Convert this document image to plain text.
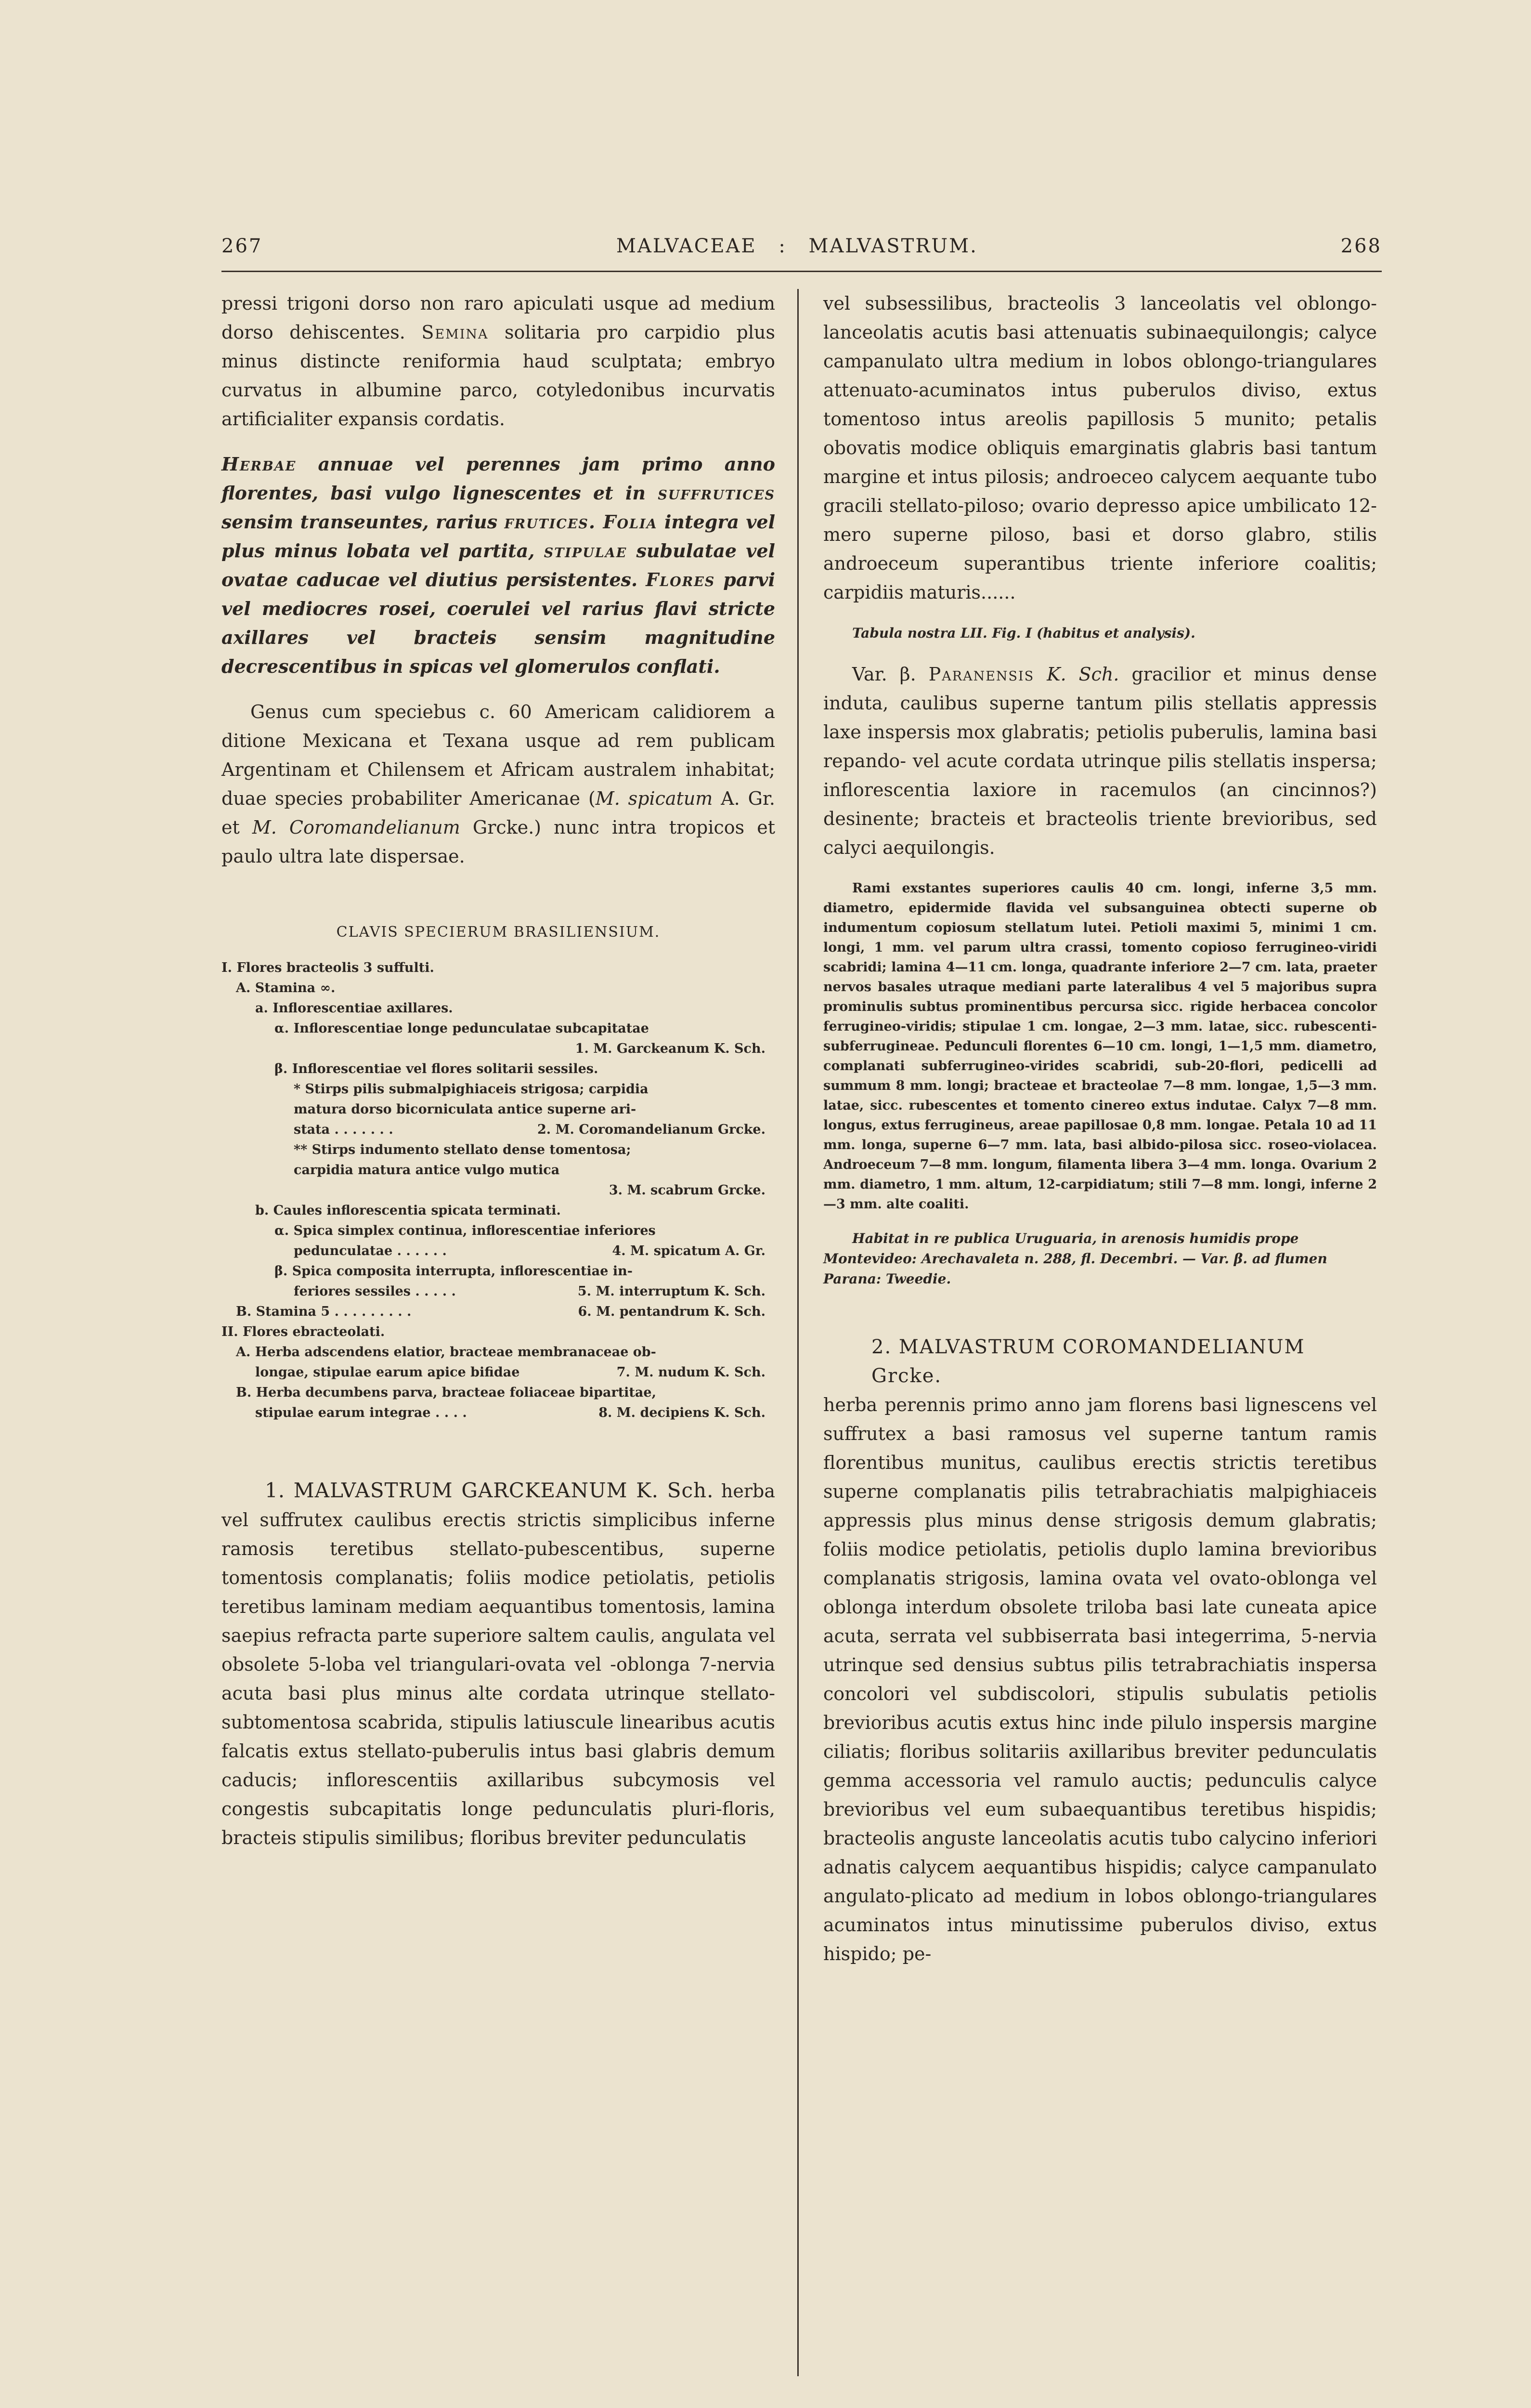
267	MALVACEAE : MALVASTRUM.	268

pressi trigoni dorso non raro apiculati usque ad medium dorso dehiscentes. Semina solitaria pro carpidio plus minus distincte reniformia haud sculptata; embryo curvatus in albumine parco, cotyledonibus incurvatis artificialiter expansis cordatis.

Herbae annuae vel perennes jam primo anno florentes, basi vulgo lignescentes et in suffrutices sensim transeuntes, rarius frutices. Folia integra vel plus minus lobata vel partita, stipulae subulatae vel ovatae caducae vel diutius persistentes. Flores parvi vel mediocres rosei, coerulei vel rarius flavi stricte axillares vel bracteis sensim magnitudine decrescentibus in spicas vel glomerulos conflati.

Genus cum speciebus c. 60 Americam calidiorem a ditione Mexicana et Texana usque ad rem publicam Argentinam et Chilensem et Africam australem inhabitat; duae species probabiliter Americanae (M. spicatum A. Gr. et M. Coromandelianum Grcke.) nunc intra tropicos et paulo ultra late dispersae.

CLAVIS SPECIERUM BRASILIENSIUM.
I. Flores bracteolis 3 suffulti.
A. Stamina ∞.
a. Inflorescentiae axillares.
α. Inflorescentiae longe pedunculatae subcapitatae
1. M. Garckeanum K. Sch.
β. Inflorescentiae vel flores solitarii sessiles.
* Stirps pilis submalpighiaceis strigosa; carpidia
matura dorso bicorniculata antice superne ari-
stata . . . . . . .	2. M. Coromandelianum Grcke.
** Stirps indumento stellato dense tomentosa;
carpidia matura antice vulgo mutica
3. M. scabrum Grcke.
b. Caules inflorescentia spicata terminati.
α. Spica simplex continua, inflorescentiae inferiores
pedunculatae . . . . . .	4. M. spicatum A. Gr.
β. Spica composita interrupta, inflorescentiae in-
feriores sessiles . . . . .	5. M. interruptum K. Sch.
B. Stamina 5 . . . . . . . . .	6. M. pentandrum K. Sch.
II. Flores ebracteolati.
A. Herba adscendens elatior, bracteae membranaceae ob-
longae, stipulae earum apice bifidae	7. M. nudum K. Sch.
B. Herba decumbens parva, bracteae foliaceae bipartitae,
stipulae earum integrae . . . .	8. M. decipiens K. Sch.

1. MALVASTRUM GARCKEANUM K. Sch. herba vel suffrutex caulibus erectis strictis simplicibus inferne ramosis teretibus stellato-pubescentibus, superne tomentosis complanatis; foliis modice petiolatis, petiolis teretibus laminam mediam aequantibus tomentosis, lamina saepius refracta parte superiore saltem caulis, angulata vel obsolete 5-loba vel triangulari-ovata vel -oblonga 7-nervia acuta basi plus minus alte cordata utrinque stellato-subtomentosa scabrida, stipulis latiuscule linearibus acutis falcatis extus stellato-puberulis intus basi glabris demum caducis; inflorescentiis axillaribus subcymosis vel congestis subcapitatis longe pedunculatis pluri-floris, bracteis stipulis similibus; floribus breviter pedunculatis

vel subsessilibus, bracteolis 3 lanceolatis vel oblongo-lanceolatis acutis basi attenuatis subinaequilongis; calyce campanulato ultra medium in lobos oblongo-triangulares attenuato-acuminatos intus puberulos diviso, extus tomentoso intus areolis papillosis 5 munito; petalis obovatis modice obliquis emarginatis glabris basi tantum margine et intus pilosis; androeceo calycem aequante tubo gracili stellato-piloso; ovario depresso apice umbilicato 12-mero superne piloso, basi et dorso glabro, stilis androeceum superantibus triente inferiore coalitis; carpidiis maturis......

Tabula nostra LII. Fig. I (habitus et analysis).

Var. β. Paranensis K. Sch. gracilior et minus dense induta, caulibus superne tantum pilis stellatis appressis laxe inspersis mox glabratis; petiolis puberulis, lamina basi repando- vel acute cordata utrinque pilis stellatis inspersa; inflorescentia laxiore in racemulos (an cincinnos?) desinente; bracteis et bracteolis triente brevioribus, sed calyci aequilongis.

Rami exstantes superiores caulis 40 cm. longi, inferne 3,5 mm. diametro, epidermide flavida vel subsanguinea obtecti superne ob indumentum copiosum stellatum lutei. Petioli maximi 5, minimi 1 cm. longi, 1 mm. vel parum ultra crassi, tomento copioso ferrugineo-viridi scabridi; lamina 4—11 cm. longa, quadrante inferiore 2—7 cm. lata, praeter nervos basales utraque mediani parte lateralibus 4 vel 5 majoribus supra prominulis subtus prominentibus percursa sicc. rigide herbacea concolor ferrugineo-viridis; stipulae 1 cm. longae, 2—3 mm. latae, sicc. rubescenti-subferrugineae. Pedunculi florentes 6—10 cm. longi, 1—1,5 mm. diametro, complanati subferrugineo-virides scabridi, sub-20-flori, pedicelli ad summum 8 mm. longi; bracteae et bracteolae 7—8 mm. longae, 1,5—3 mm. latae, sicc. rubescentes et tomento cinereo extus indutae. Calyx 7—8 mm. longus, extus ferrugineus, areae papillosae 0,8 mm. longae. Petala 10 ad 11 mm. longa, superne 6—7 mm. lata, basi albido-pilosa sicc. roseo-violacea. Androeceum 7—8 mm. longum, filamenta libera 3—4 mm. longa. Ovarium 2 mm. diametro, 1 mm. altum, 12-carpidiatum; stili 7—8 mm. longi, inferne 2—3 mm. alte coaliti.

Habitat in re publica Uruguaria, in arenosis humidis prope Montevideo: Arechavaleta n. 288, fl. Decembri. — Var. β. ad flumen Parana: Tweedie.

2. MALVASTRUM COROMANDELIANUM Grcke.

herba perennis primo anno jam florens basi lignescens vel suffrutex a basi ramosus vel superne tantum ramis florentibus munitus, caulibus erectis strictis teretibus superne complanatis pilis tetrabrachiatis malpighiaceis appressis plus minus dense strigosis demum glabratis; foliis modice petiolatis, petiolis duplo lamina brevioribus complanatis strigosis, lamina ovata vel ovato-oblonga vel oblonga interdum obsolete triloba basi late cuneata apice acuta, serrata vel subbiserrata basi integerrima, 5-nervia utrinque sed densius subtus pilis tetrabrachiatis inspersa concolori vel subdiscolori, stipulis subulatis petiolis brevioribus acutis extus hinc inde pilulo inspersis margine ciliatis; floribus solitariis axillaribus breviter pedunculatis gemma accessoria vel ramulo auctis; pedunculis calyce brevioribus vel eum subaequantibus teretibus hispidis; bracteolis anguste lanceolatis acutis tubo calycino inferiori adnatis calycem aequantibus hispidis; calyce campanulato angulato-plicato ad medium in lobos oblongo-triangulares acuminatos intus minutissime puberulos diviso, extus hispido; pe-
